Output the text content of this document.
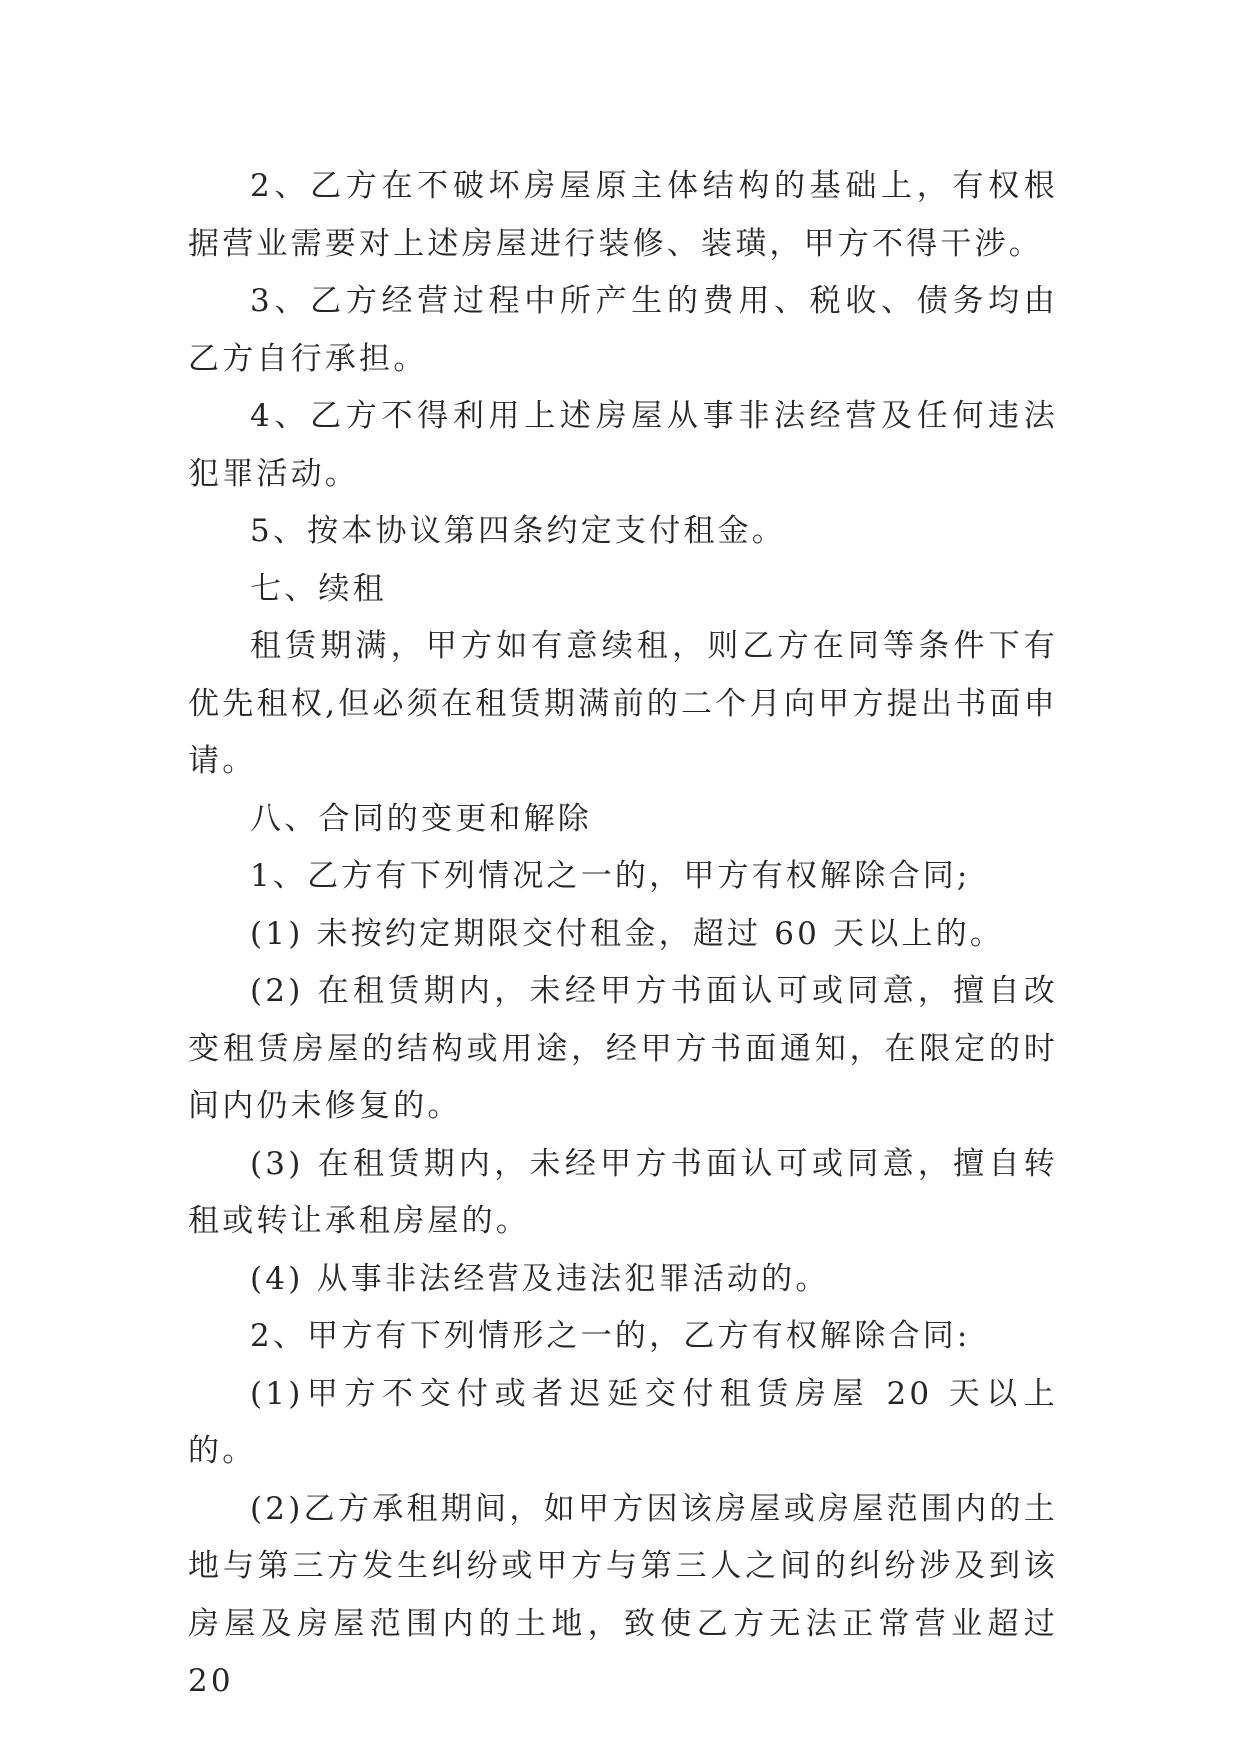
2、乙方在不破坏房屋原主体结构的基础上，有权根据营业需要对上述房屋进行装修、装璜，甲方不得干涉。

3、乙方经营过程中所产生的费用、税收、债务均由乙方自行承担。

4、乙方不得利用上述房屋从事非法经营及任何违法犯罪活动。

5、按本协议第四条约定支付租金。

七、续租

租赁期满，甲方如有意续租，则乙方在同等条件下有优先租权,但必须在租赁期满前的二个月向甲方提出书面申请。

八、合同的变更和解除

1、乙方有下列情况之一的，甲方有权解除合同;

(1) 未按约定期限交付租金，超过 60 天以上的。

(2) 在租赁期内，未经甲方书面认可或同意，擅自改变租赁房屋的结构或用途，经甲方书面通知，在限定的时间内仍未修复的。

(3) 在租赁期内，未经甲方书面认可或同意，擅自转租或转让承租房屋的。

(4) 从事非法经营及违法犯罪活动的。

2、甲方有下列情形之一的，乙方有权解除合同:

(1)甲方不交付或者迟延交付租赁房屋 20 天以上的。

(2)乙方承租期间，如甲方因该房屋或房屋范围内的土地与第三方发生纠纷或甲方与第三人之间的纠纷涉及到该房屋及房屋范围内的土地，致使乙方无法正常营业超过 20
